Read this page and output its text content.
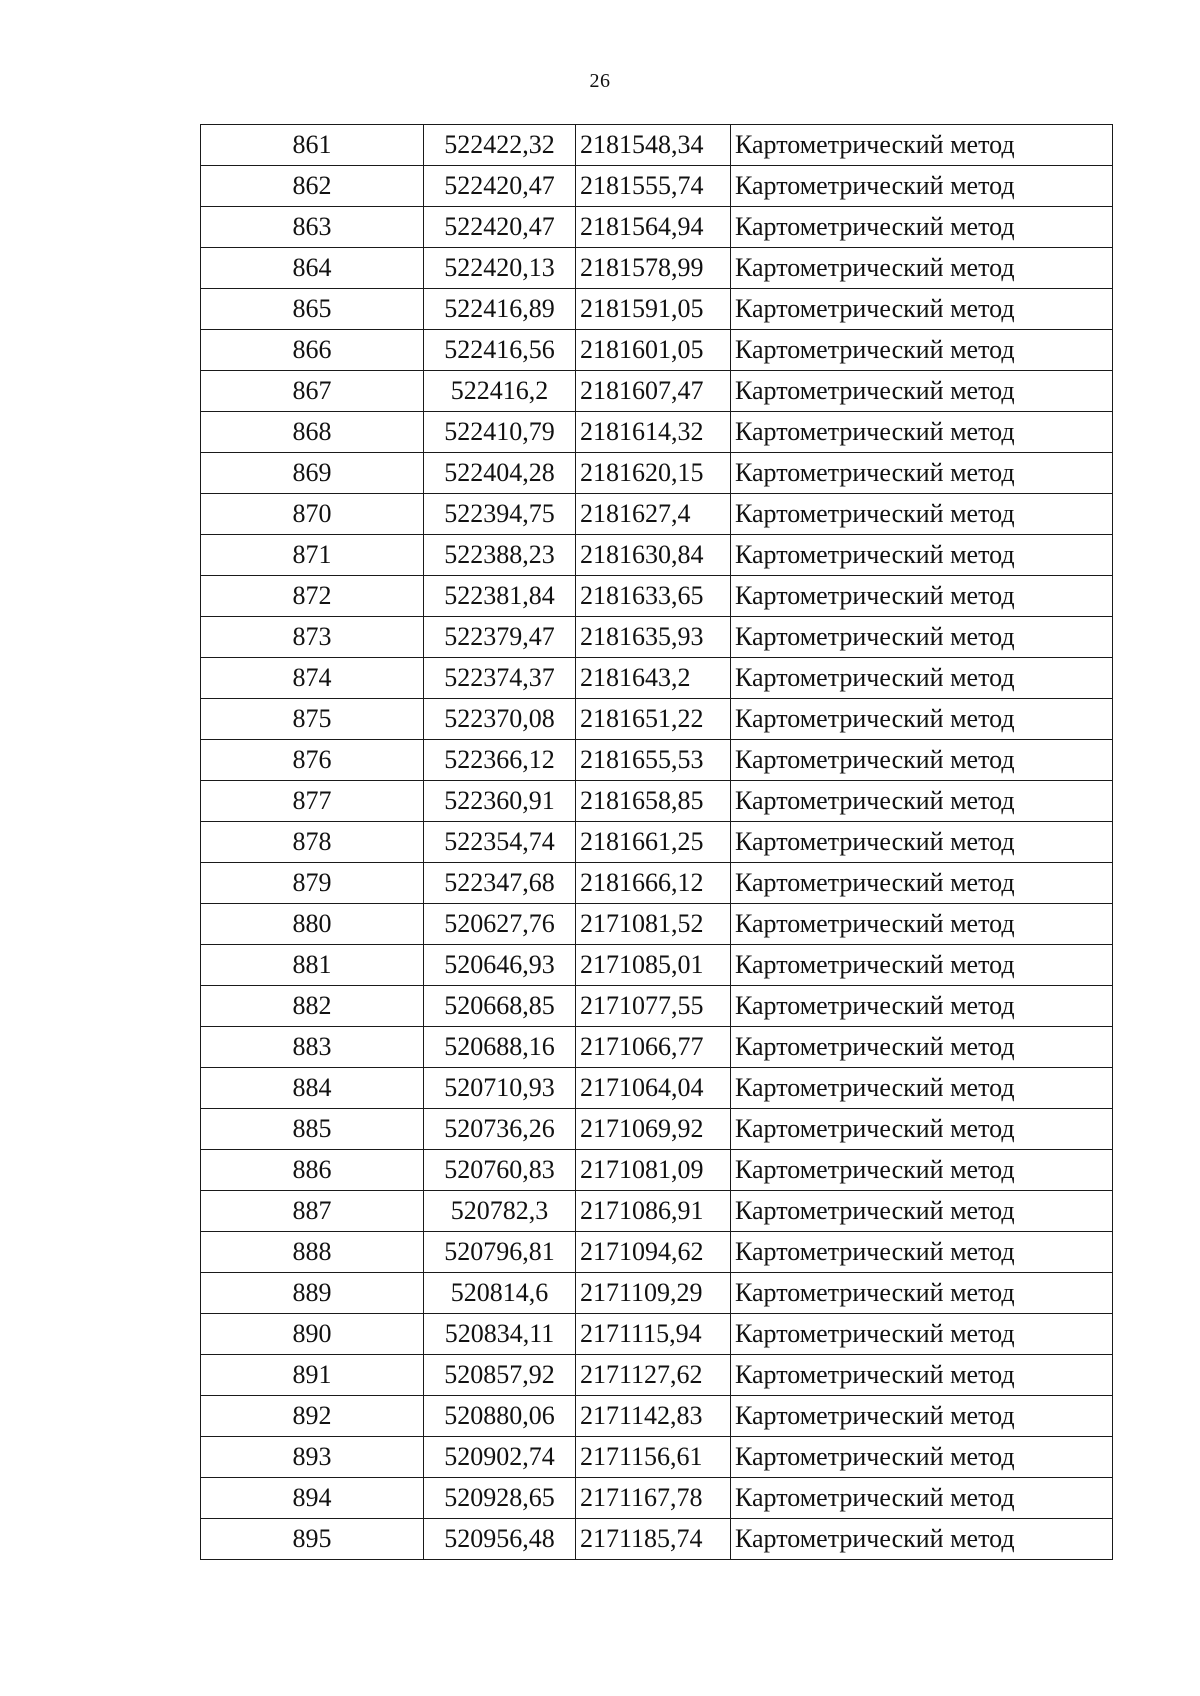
26
861	522422,32	2181548,34	Картометрический метод
862	522420,47	2181555,74	Картометрический метод
863	522420,47	2181564,94	Картометрический метод
864	522420,13	2181578,99	Картометрический метод
865	522416,89	2181591,05	Картометрический метод
866	522416,56	2181601,05	Картометрический метод
867	522416,2	2181607,47	Картометрический метод
868	522410,79	2181614,32	Картометрический метод
869	522404,28	2181620,15	Картометрический метод
870	522394,75	2181627,4	Картометрический метод
871	522388,23	2181630,84	Картометрический метод
872	522381,84	2181633,65	Картометрический метод
873	522379,47	2181635,93	Картометрический метод
874	522374,37	2181643,2	Картометрический метод
875	522370,08	2181651,22	Картометрический метод
876	522366,12	2181655,53	Картометрический метод
877	522360,91	2181658,85	Картометрический метод
878	522354,74	2181661,25	Картометрический метод
879	522347,68	2181666,12	Картометрический метод
880	520627,76	2171081,52	Картометрический метод
881	520646,93	2171085,01	Картометрический метод
882	520668,85	2171077,55	Картометрический метод
883	520688,16	2171066,77	Картометрический метод
884	520710,93	2171064,04	Картометрический метод
885	520736,26	2171069,92	Картометрический метод
886	520760,83	2171081,09	Картометрический метод
887	520782,3	2171086,91	Картометрический метод
888	520796,81	2171094,62	Картометрический метод
889	520814,6	2171109,29	Картометрический метод
890	520834,11	2171115,94	Картометрический метод
891	520857,92	2171127,62	Картометрический метод
892	520880,06	2171142,83	Картометрический метод
893	520902,74	2171156,61	Картометрический метод
894	520928,65	2171167,78	Картометрический метод
895	520956,48	2171185,74	Картометрический метод
